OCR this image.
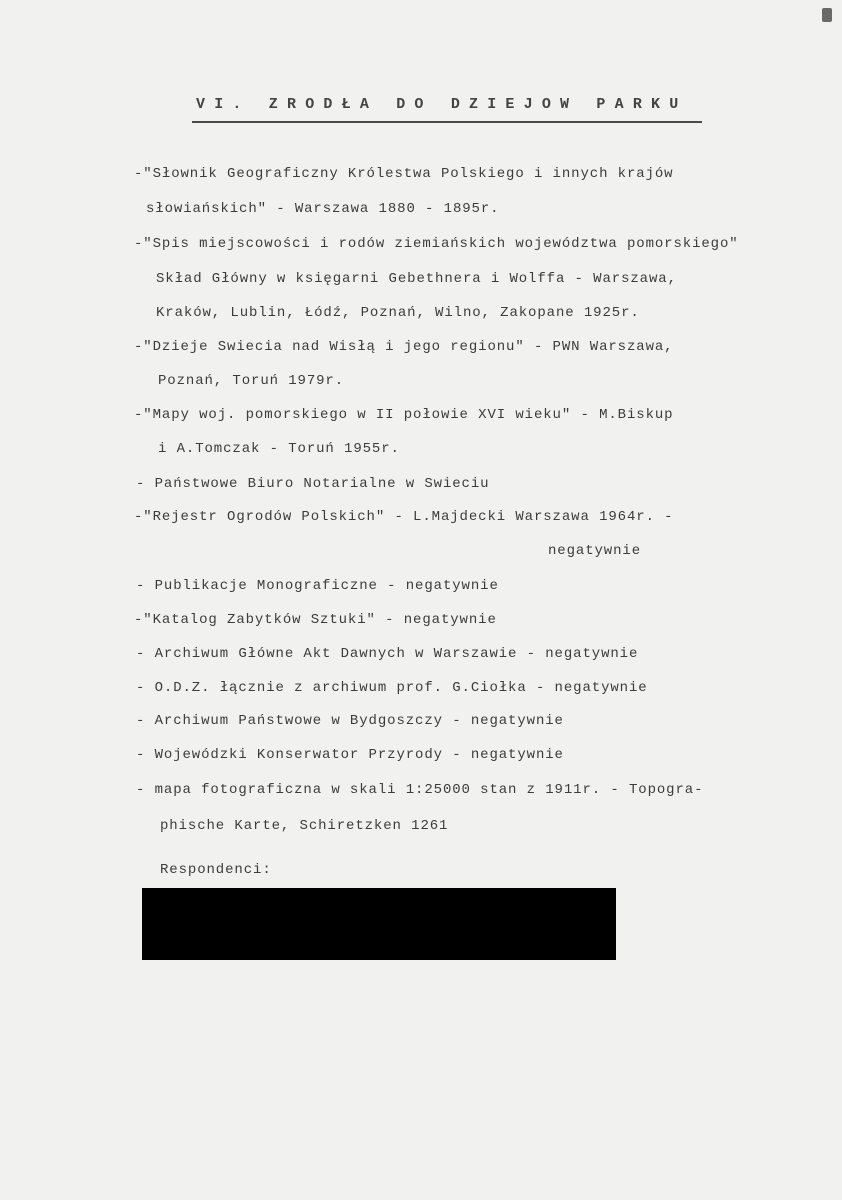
VI. ZRODŁA DO DZIEJOW PARKU
-"Słownik Geograficzny Królestwa Polskiego i innych krajów
słowiańskich" - Warszawa 1880 - 1895r.
-"Spis miejscowości i rodów ziemiańskich województwa pomorskiego"
Skład Główny w księgarni Gebethnera i Wolffa - Warszawa,
Kraków, Lublin, Łódź, Poznań, Wilno, Zakopane 1925r.
-"Dzieje Swiecia nad Wisłą i jego regionu" - PWN Warszawa,
Poznań, Toruń 1979r.
-"Mapy woj. pomorskiego w II połowie XVI wieku" - M.Biskup
i A.Tomczak - Toruń 1955r.
- Państwowe Biuro Notarialne w Swieciu
-"Rejestr Ogrodów Polskich" - L.Majdecki Warszawa 1964r. -
negatywnie
- Publikacje Monograficzne - negatywnie
-"Katalog Zabytków Sztuki" - negatywnie
- Archiwum Główne Akt Dawnych w Warszawie - negatywnie
- O.D.Z. łącznie z archiwum prof. G.Ciołka - negatywnie
- Archiwum Państwowe w Bydgoszczy - negatywnie
- Wojewódzki Konserwator Przyrody - negatywnie
- mapa fotograficzna w skali 1:25000 stan z 1911r. - Topogra-
phische Karte, Schiretzken 1261
Respondenci:
